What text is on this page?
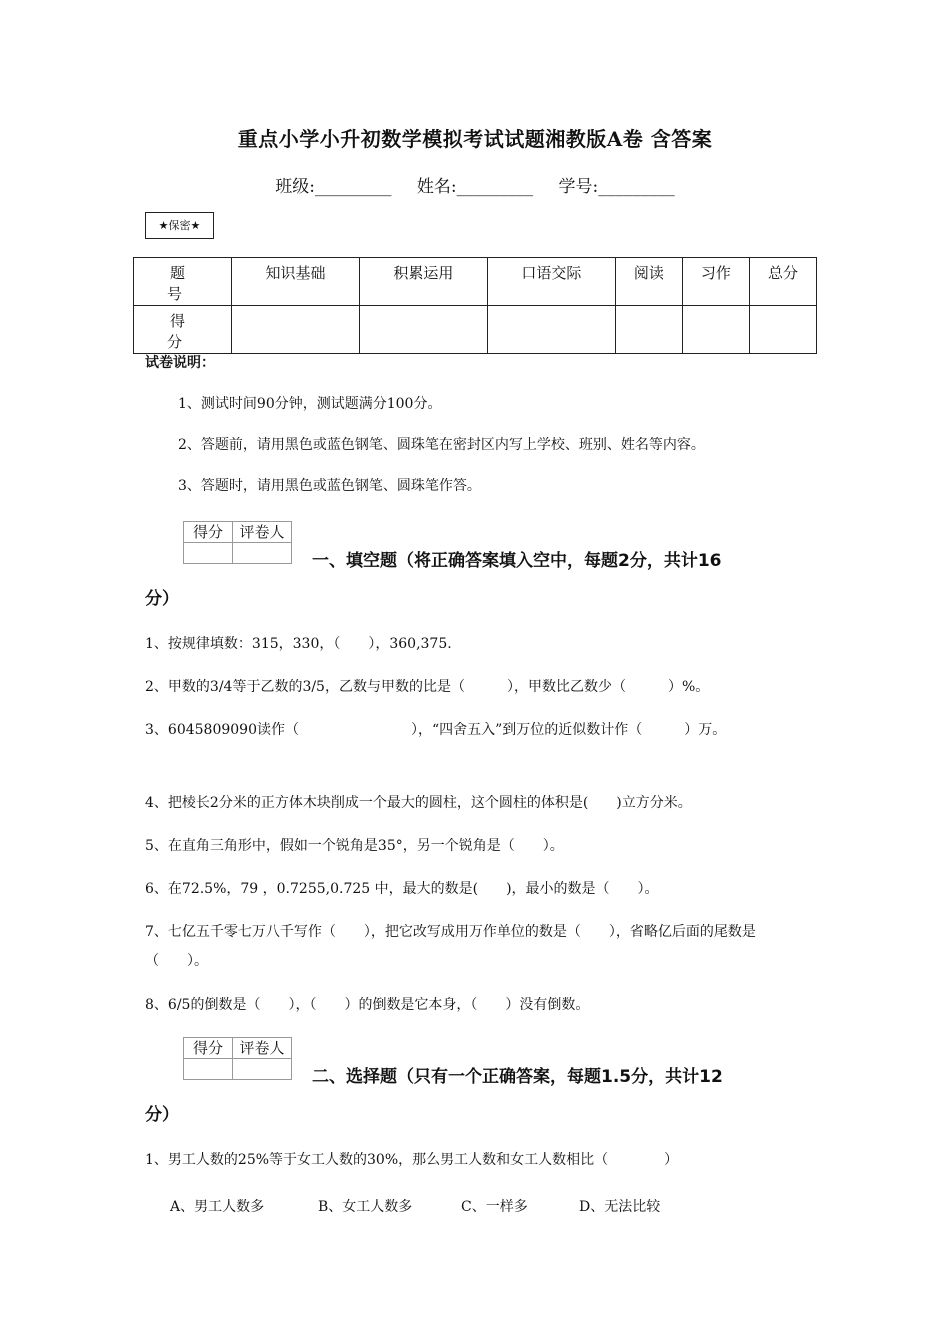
重点小学小升初数学模拟考试试题湘教版A卷 含答案
班级:_________ 姓名:_________ 学号:_________
★保密★
题　号	知识基础	积累运用	口语交际	阅读	习作	总分
得　分						
试卷说明：
1、测试时间90分钟，测试题满分100分。
2、答题前，请用黑色或蓝色钢笔、圆珠笔在密封区内写上学校、班别、姓名等内容。
3、答题时，请用黑色或蓝色钢笔、圆珠笔作答。
得分	评卷人

一、填空题（将正确答案填入空中，每题2分，共计16
分）
1、按规律填数：315，330，（　　），360,375.
2、甲数的3/4等于乙数的3/5，乙数与甲数的比是（　　　），甲数比乙数少（　　　）%。
3、6045809090读作（　　　　　　　　），“四舍五入”到万位的近似数计作（　　　）万。
4、把棱长2分米的正方体木块削成一个最大的圆柱，这个圆柱的体积是(　　)立方分米。
5、在直角三角形中，假如一个锐角是35°，另一个锐角是（　　）。
6、在72.5%，79 ，0.7255,0.725 中，最大的数是(　　)，最小的数是（　　）。
7、七亿五千零七万八千写作（　　），把它改写成用万作单位的数是（　　），省略亿后面的尾数是（　　）。
8、6/5的倒数是（　　），（　　）的倒数是它本身，（　　）没有倒数。
得分	评卷人

二、选择题（只有一个正确答案，每题1.5分，共计12
分）
1、男工人数的25%等于女工人数的30%，那么男工人数和女工人数相比（　　　　）
A、男工人数多	B、女工人数多	C、一样多	D、无法比较
